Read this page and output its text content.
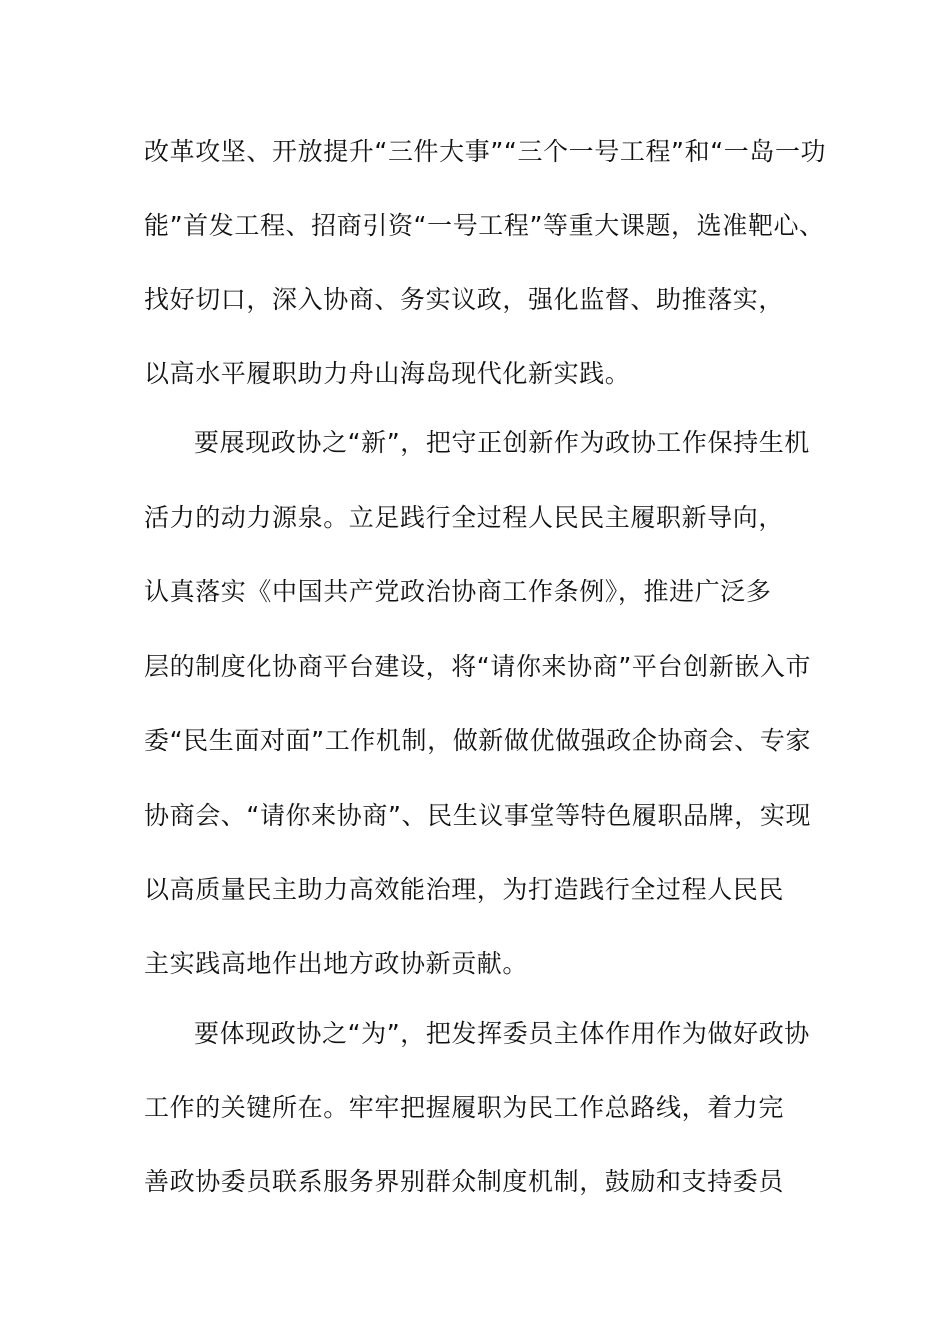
改革攻坚、开放提升“三件大事”“三个一号工程”和“一岛一功
能”首发工程、招商引资“一号工程”等重大课题，选准靶心、
找好切口，深入协商、务实议政，强化监督、助推落实，
以高水平履职助力舟山海岛现代化新实践。
要展现政协之“新”，把守正创新作为政协工作保持生机
活力的动力源泉。立足践行全过程人民民主履职新导向，
认真落实《中国共产党政治协商工作条例》，推进广泛多
层的制度化协商平台建设，将“请你来协商”平台创新嵌入市
委“民生面对面”工作机制，做新做优做强政企协商会、专家
协商会、“请你来协商”、民生议事堂等特色履职品牌，实现
以高质量民主助力高效能治理，为打造践行全过程人民民
主实践高地作出地方政协新贡献。
要体现政协之“为”，把发挥委员主体作用作为做好政协
工作的关键所在。牢牢把握履职为民工作总路线，着力完
善政协委员联系服务界别群众制度机制，鼓励和支持委员
